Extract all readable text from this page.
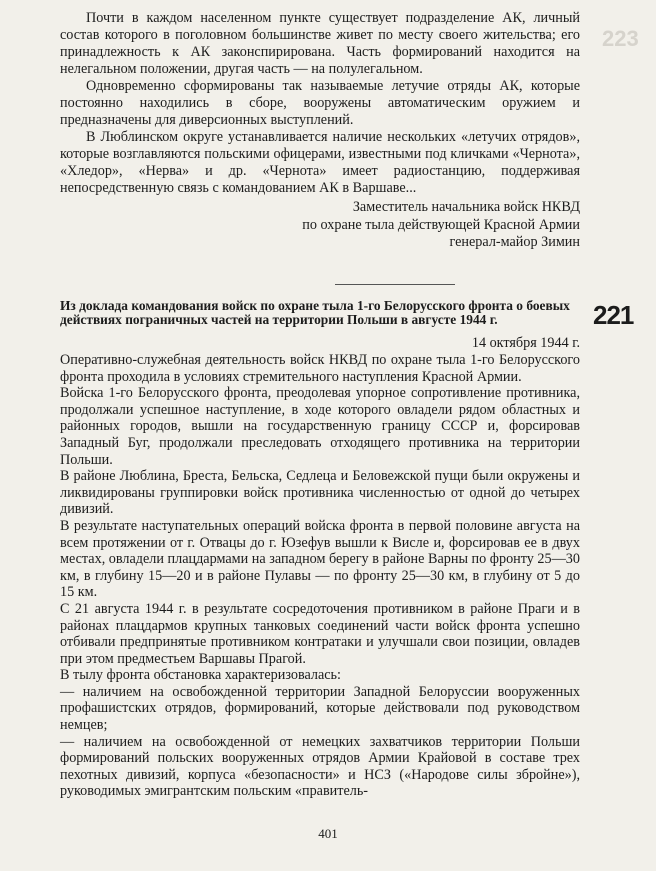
223

Почти в каждом населенном пункте существует подразделение АК, личный состав которого в поголовном большинстве живет по месту своего жительства; его принадлежность к АК законспирирована. Часть формирований находится на нелегальном положении, другая часть — на полулегальном.

Одновременно сформированы так называемые летучие отряды АК, которые постоянно находились в сборе, вооружены автоматическим оружием и предназначены для диверсионных выступлений.

В Люблинском округе устанавливается наличие нескольких «летучих отрядов», которые возглавляются польскими офицерами, известными под кличками «Чернота», «Хледор», «Нерва» и др. «Чернота» имеет радиостанцию, поддерживая непосредственную связь с командованием АК в Варшаве...

Заместитель начальника войск НКВД
по охране тыла действующей Красной Армии
генерал-майор Зимин
Из доклада командования войск по охране тыла 1-го Белорусского фронта о боевых действиях пограничных частей на территории Польши в августе 1944 г.	221
14 октября 1944 г.

Оперативно-служебная деятельность войск НКВД по охране тыла 1-го Белорусского фронта проходила в условиях стремительного наступления Красной Армии.

Войска 1-го Белорусского фронта, преодолевая упорное сопротивление противника, продолжали успешное наступление, в ходе которого овладели рядом областных и районных городов, вышли на государственную границу СССР и, форсировав Западный Буг, продолжали преследовать отходящего противника на территории Польши.

В районе Люблина, Бреста, Бельска, Седлеца и Беловежской пущи были окружены и ликвидированы группировки войск противника численностью от одной до четырех дивизий.

В результате наступательных операций войска фронта в первой половине августа на всем протяжении от г. Отвацы до г. Юзефув вышли к Висле и, форсировав ее в двух местах, овладели плацдармами на западном берегу в районе Варны по фронту 25—30 км, в глубину 15—20 и в районе Пулавы — по фронту 25—30 км, в глубину от 5 до 15 км.

С 21 августа 1944 г. в результате сосредоточения противником в районе Праги и в районах плацдармов крупных танковых соединений части войск фронта успешно отбивали предпринятые противником контратаки и улучшали свои позиции, овладев при этом предместьем Варшавы Прагой.

В тылу фронта обстановка характеризовалась:

— наличием на освобожденной территории Западной Белоруссии вооруженных профашистских отрядов, формирований, которые действовали под руководством немцев;

— наличием на освобожденной от немецких захватчиков территории Польши формирований польских вооруженных отрядов Армии Крайовой в составе трех пехотных дивизий, корпуса «безопасности» и НСЗ («Народове силы збройне»), руководимых эмигрантским польским «правитель-

401
